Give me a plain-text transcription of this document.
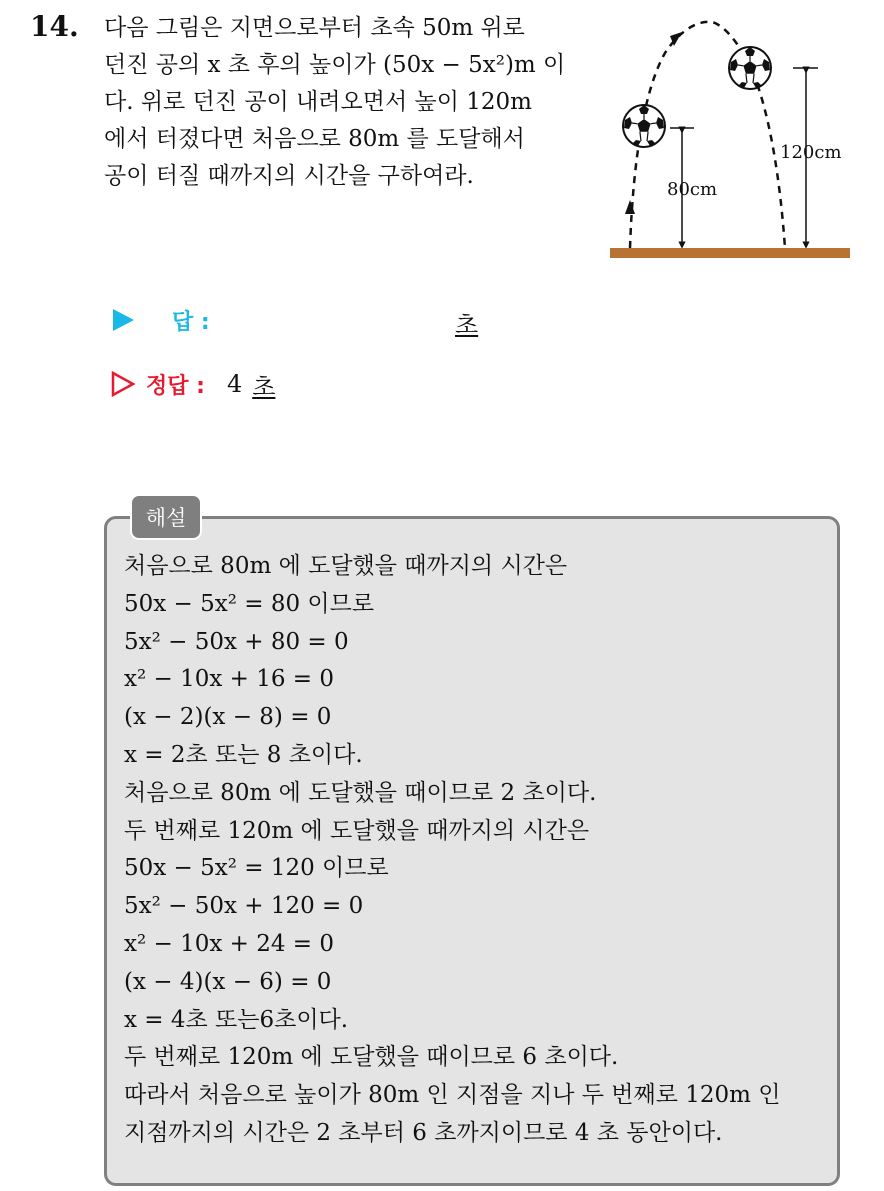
14. 다음 그림은 지면으로부터 초속 50m 위로
던진 공의 x 초 후의 높이가 (50x − 5x²)m 이
다. 위로 던진 공이 내려오면서 높이 120m
에서 터졌다면 처음으로 80m 를 도달해서
공이 터질 때까지의 시간을 구하여라.
80cm
120cm
답 :	초
정답 : 4 초
해설
처음으로 80m 에 도달했을 때까지의 시간은
50x − 5x² = 80 이므로
5x² − 50x + 80 = 0
x² − 10x + 16 = 0
(x − 2)(x − 8) = 0
x = 2초 또는 8 초이다.
처음으로 80m 에 도달했을 때이므로 2 초이다.
두 번째로 120m 에 도달했을 때까지의 시간은
50x − 5x² = 120 이므로
5x² − 50x + 120 = 0
x² − 10x + 24 = 0
(x − 4)(x − 6) = 0
x = 4초 또는6초이다.
두 번째로 120m 에 도달했을 때이므로 6 초이다.
따라서 처음으로 높이가 80m 인 지점을 지나 두 번째로 120m 인
지점까지의 시간은 2 초부터 6 초까지이므로 4 초 동안이다.
